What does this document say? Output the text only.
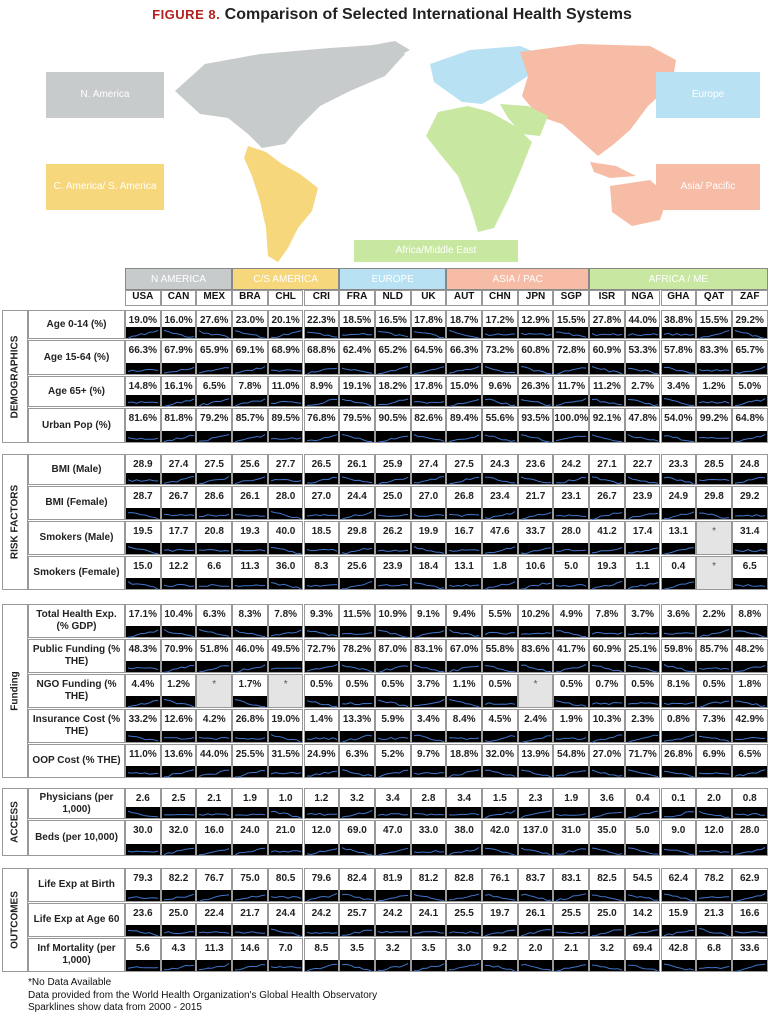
FIGURE 8. Comparison of Selected International Health Systems
N. America
C. America/ S. America
Europe
Asia/ Pacific
Africa/Middle East
N AMERICA	C/S AMERICA	EUROPE	ASIA / PAC	AFRICA / ME
USA	CAN	MEX	BRA	CHL	CRI	FRA	NLD	UK	AUT	CHN	JPN	SGP	ISR	NGA	GHA	QAT	ZAF
DEMOGRAPHICS
Age 0-14 (%)	19.0% 16.0% 27.6% 23.0% 20.1% 22.3% 18.5% 16.5% 17.8% 18.7% 17.2% 12.9% 15.5% 27.8% 44.0% 38.8% 15.5% 29.2%
Age 15-64 (%)
66.3% 67.9% 65.9% 69.1% 68.9% 68.8% 62.4% 65.2% 64.5% 66.3% 73.2% 60.8% 72.8% 60.9% 53.3% 57.8% 83.3% 65.7%
Age 65+ (%)	14.8% 16.1%	6.5%	7.8%	11.0%	8.9%	19.1% 18.2% 17.8% 15.0%	9.6%	26.3% 11.7% 11.2%	2.7%	3.4%	1.2%	5.0%
Urban Pop (%)
81.6% 81.8% 79.2% 85.7% 89.5% 76.8% 79.5% 90.5% 82.6% 89.4% 55.6% 93.5% 100.0% 92.1% 47.8% 54.0% 99.2% 64.8%
RISK FACTORS
BMI (Male)	28.9	27.4	27.5	25.6	27.7	26.5	26.1	25.9	27.4	27.5	24.3	23.6	24.2	27.1	22.7	23.3	28.5	24.8
BMI (Female)
28.7	26.7	28.6	26.1	28.0	27.0	24.4	25.0	27.0	26.8	23.4	21.7	23.1	26.7	23.9	24.9	29.8	29.2
Smokers (Male)
19.5	17.7	20.8	19.3	40.0	18.5	29.8	26.2	19.9	16.7	47.6	33.7	28.0	41.2	17.4	13.1	*	31.4
Smokers (Female)
15.0	12.2	6.6	11.3	36.0	8.3	25.6	23.9	18.4	13.1	1.8	10.6	5.0	19.3	1.1	0.4	*	6.5
Funding
Total Health Exp. (% GDP)
17.1% 10.4%	6.3%	8.3%	7.8%	9.3%	11.5% 10.9%	9.1%	9.4%	5.5%	10.2%	4.9%	7.8%	3.7%	3.6%	2.2%	8.8%
Public Funding (% THE)
48.3% 70.9% 51.8% 46.0% 49.5% 72.7% 78.2% 87.0% 83.1% 67.0% 55.8% 83.6% 41.7% 60.9% 25.1% 59.8% 85.7% 48.2%
NGO Funding (% THE)
4.4%	1.2%	*	1.7%	*	0.5%	0.5%	0.5%	3.7%	1.1%	0.5%	*	0.5%	0.7%	0.5%	8.1%	0.5%	1.8%
Insurance Cost (% THE)
33.2% 12.6%	4.2%	26.8% 19.0%	1.4%	13.3%	5.9%	3.4%	8.4%	4.5%	2.4%	1.9%	10.3%	2.3%	0.8%	7.3%	42.9%
OOP Cost (% THE)
11.0% 13.6% 44.0% 25.5% 31.5% 24.9%	6.3%	5.2%	9.7%	18.8% 32.0% 13.9% 54.8% 27.0% 71.7% 26.8%	6.9%	6.5%
ACCESS
Physicians (per 1,000)
2.6	2.5	2.1	1.9	1.0	1.2	3.2	3.4	2.8	3.4	1.5	2.3	1.9	3.6	0.4	0.1	2.0	0.8
Beds (per 10,000)
30.0	32.0	16.0	24.0	21.0	12.0	69.0	47.0	33.0	38.0	42.0	137.0	31.0	35.0	5.0	9.0	12.0	28.0
OUTCOMES
Life Exp at Birth
79.3	82.2	76.7	75.0	80.5	79.6	82.4	81.9	81.2	82.8	76.1	83.7	83.1	82.5	54.5	62.4	78.2	62.9
Life Exp at Age 60
23.6	25.0	22.4	21.7	24.4	24.2	25.7	24.2	24.1	25.5	19.7	26.1	25.5	25.0	14.2	15.9	21.3	16.6
Inf Mortality (per 1,000)
5.6	4.3	11.3	14.6	7.0	8.5	3.5	3.2	3.5	3.0	9.2	2.0	2.1	3.2	69.4	42.8	6.8	33.6
*No Data Available
Data provided from the World Health Organization's Global Health Observatory
Sparklines show data from 2000 - 2015
